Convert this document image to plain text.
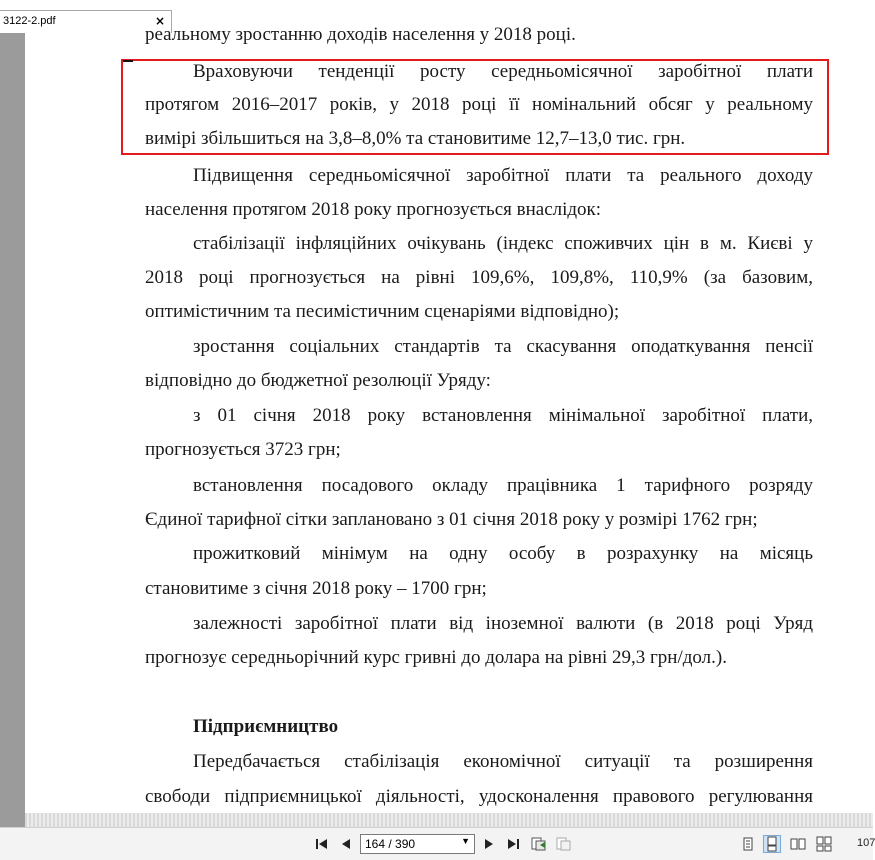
3122-2.pdf	×
реальному зростанню доходів населення у 2018 році.
Враховуючи тенденції росту середньомісячної заробітної плати
протягом 2016–2017 років, у 2018 році її номінальний обсяг у реальному
вимірі збільшиться на 3,8–8,0% та становитиме 12,7–13,0 тис. грн.
Підвищення середньомісячної заробітної плати та реального доходу
населення протягом 2018 року прогнозується внаслідок:
стабілізації інфляційних очікувань (індекс споживчих цін в м. Києві у
2018 році прогнозується на рівні 109,6%, 109,8%, 110,9% (за базовим,
оптимістичним та песимістичним сценаріями відповідно);
зростання соціальних стандартів та скасування оподаткування пенсії
відповідно до бюджетної резолюції Уряду:
з 01 січня 2018 року встановлення мінімальної заробітної плати,
прогнозується 3723 грн;
встановлення посадового окладу працівника 1 тарифного розряду
Єдиної тарифної сітки заплановано з 01 січня 2018 року у розмірі 1762 грн;
прожитковий мінімум на одну особу в розрахунку на місяць
становитиме з січня 2018 року – 1700 грн;
залежності заробітної плати від іноземної валюти (в 2018 році Уряд
прогнозує середньорічний курс гривні до долара на рівні 29,3 грн/дол.).
Підприємництво
Передбачається стабілізація економічної ситуації та розширення
свободи підприємницької діяльності, удосконалення правового регулювання
164 / 390	▼	107
